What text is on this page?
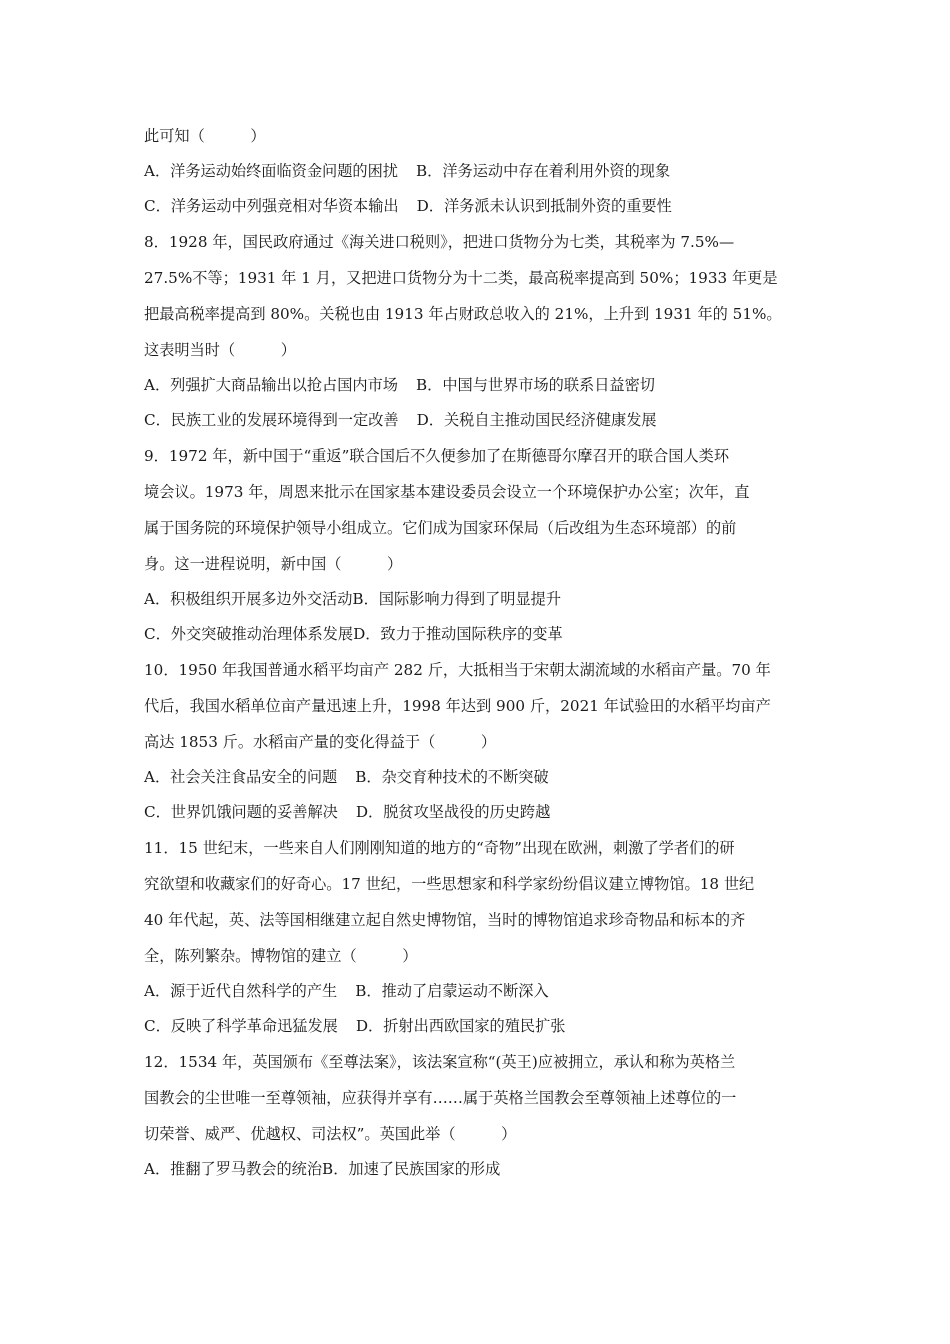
此可知（　　　）
A．洋务运动始终面临资金问题的困扰 B．洋务运动中存在着利用外资的现象
C．洋务运动中列强竞相对华资本输出 D．洋务派未认识到抵制外资的重要性
8．1928 年，国民政府通过《海关进口税则》，把进口货物分为七类，其税率为 7.5%—
27.5%不等；1931 年 1 月，又把进口货物分为十二类，最高税率提高到 50%；1933 年更是
把最高税率提高到 80%。关税也由 1913 年占财政总收入的 21%，上升到 1931 年的 51%。
这表明当时（　　　）
A．列强扩大商品输出以抢占国内市场 B．中国与世界市场的联系日益密切
C．民族工业的发展环境得到一定改善 D．关税自主推动国民经济健康发展
9．1972 年，新中国于“重返”联合国后不久便参加了在斯德哥尔摩召开的联合国人类环
境会议。1973 年，周恩来批示在国家基本建设委员会设立一个环境保护办公室；次年，直
属于国务院的环境保护领导小组成立。它们成为国家环保局（后改组为生态环境部）的前
身。这一进程说明，新中国（　　　）
A．积极组织开展多边外交活动B．国际影响力得到了明显提升
C．外交突破推动治理体系发展D．致力于推动国际秩序的变革
10．1950 年我国普通水稻平均亩产 282 斤，大抵相当于宋朝太湖流域的水稻亩产量。70 年
代后，我国水稻单位亩产量迅速上升，1998 年达到 900 斤，2021 年试验田的水稻平均亩产
高达 1853 斤。水稻亩产量的变化得益于（　　　）
A．社会关注食品安全的问题 B．杂交育种技术的不断突破
C．世界饥饿问题的妥善解决 D．脱贫攻坚战役的历史跨越
11．15 世纪末，一些来自人们刚刚知道的地方的“奇物”出现在欧洲，刺激了学者们的研
究欲望和收藏家们的好奇心。17 世纪，一些思想家和科学家纷纷倡议建立博物馆。18 世纪
40 年代起，英、法等国相继建立起自然史博物馆，当时的博物馆追求珍奇物品和标本的齐
全，陈列繁杂。博物馆的建立（　　　）
A．源于近代自然科学的产生 B．推动了启蒙运动不断深入
C．反映了科学革命迅猛发展 D．折射出西欧国家的殖民扩张
12．1534 年，英国颁布《至尊法案》，该法案宣称“(英王)应被拥立，承认和称为英格兰
国教会的尘世唯一至尊领袖，应获得并享有……属于英格兰国教会至尊领袖上述尊位的一
切荣誉、威严、优越权、司法权”。英国此举（　　　）
A．推翻了罗马教会的统治B．加速了民族国家的形成
